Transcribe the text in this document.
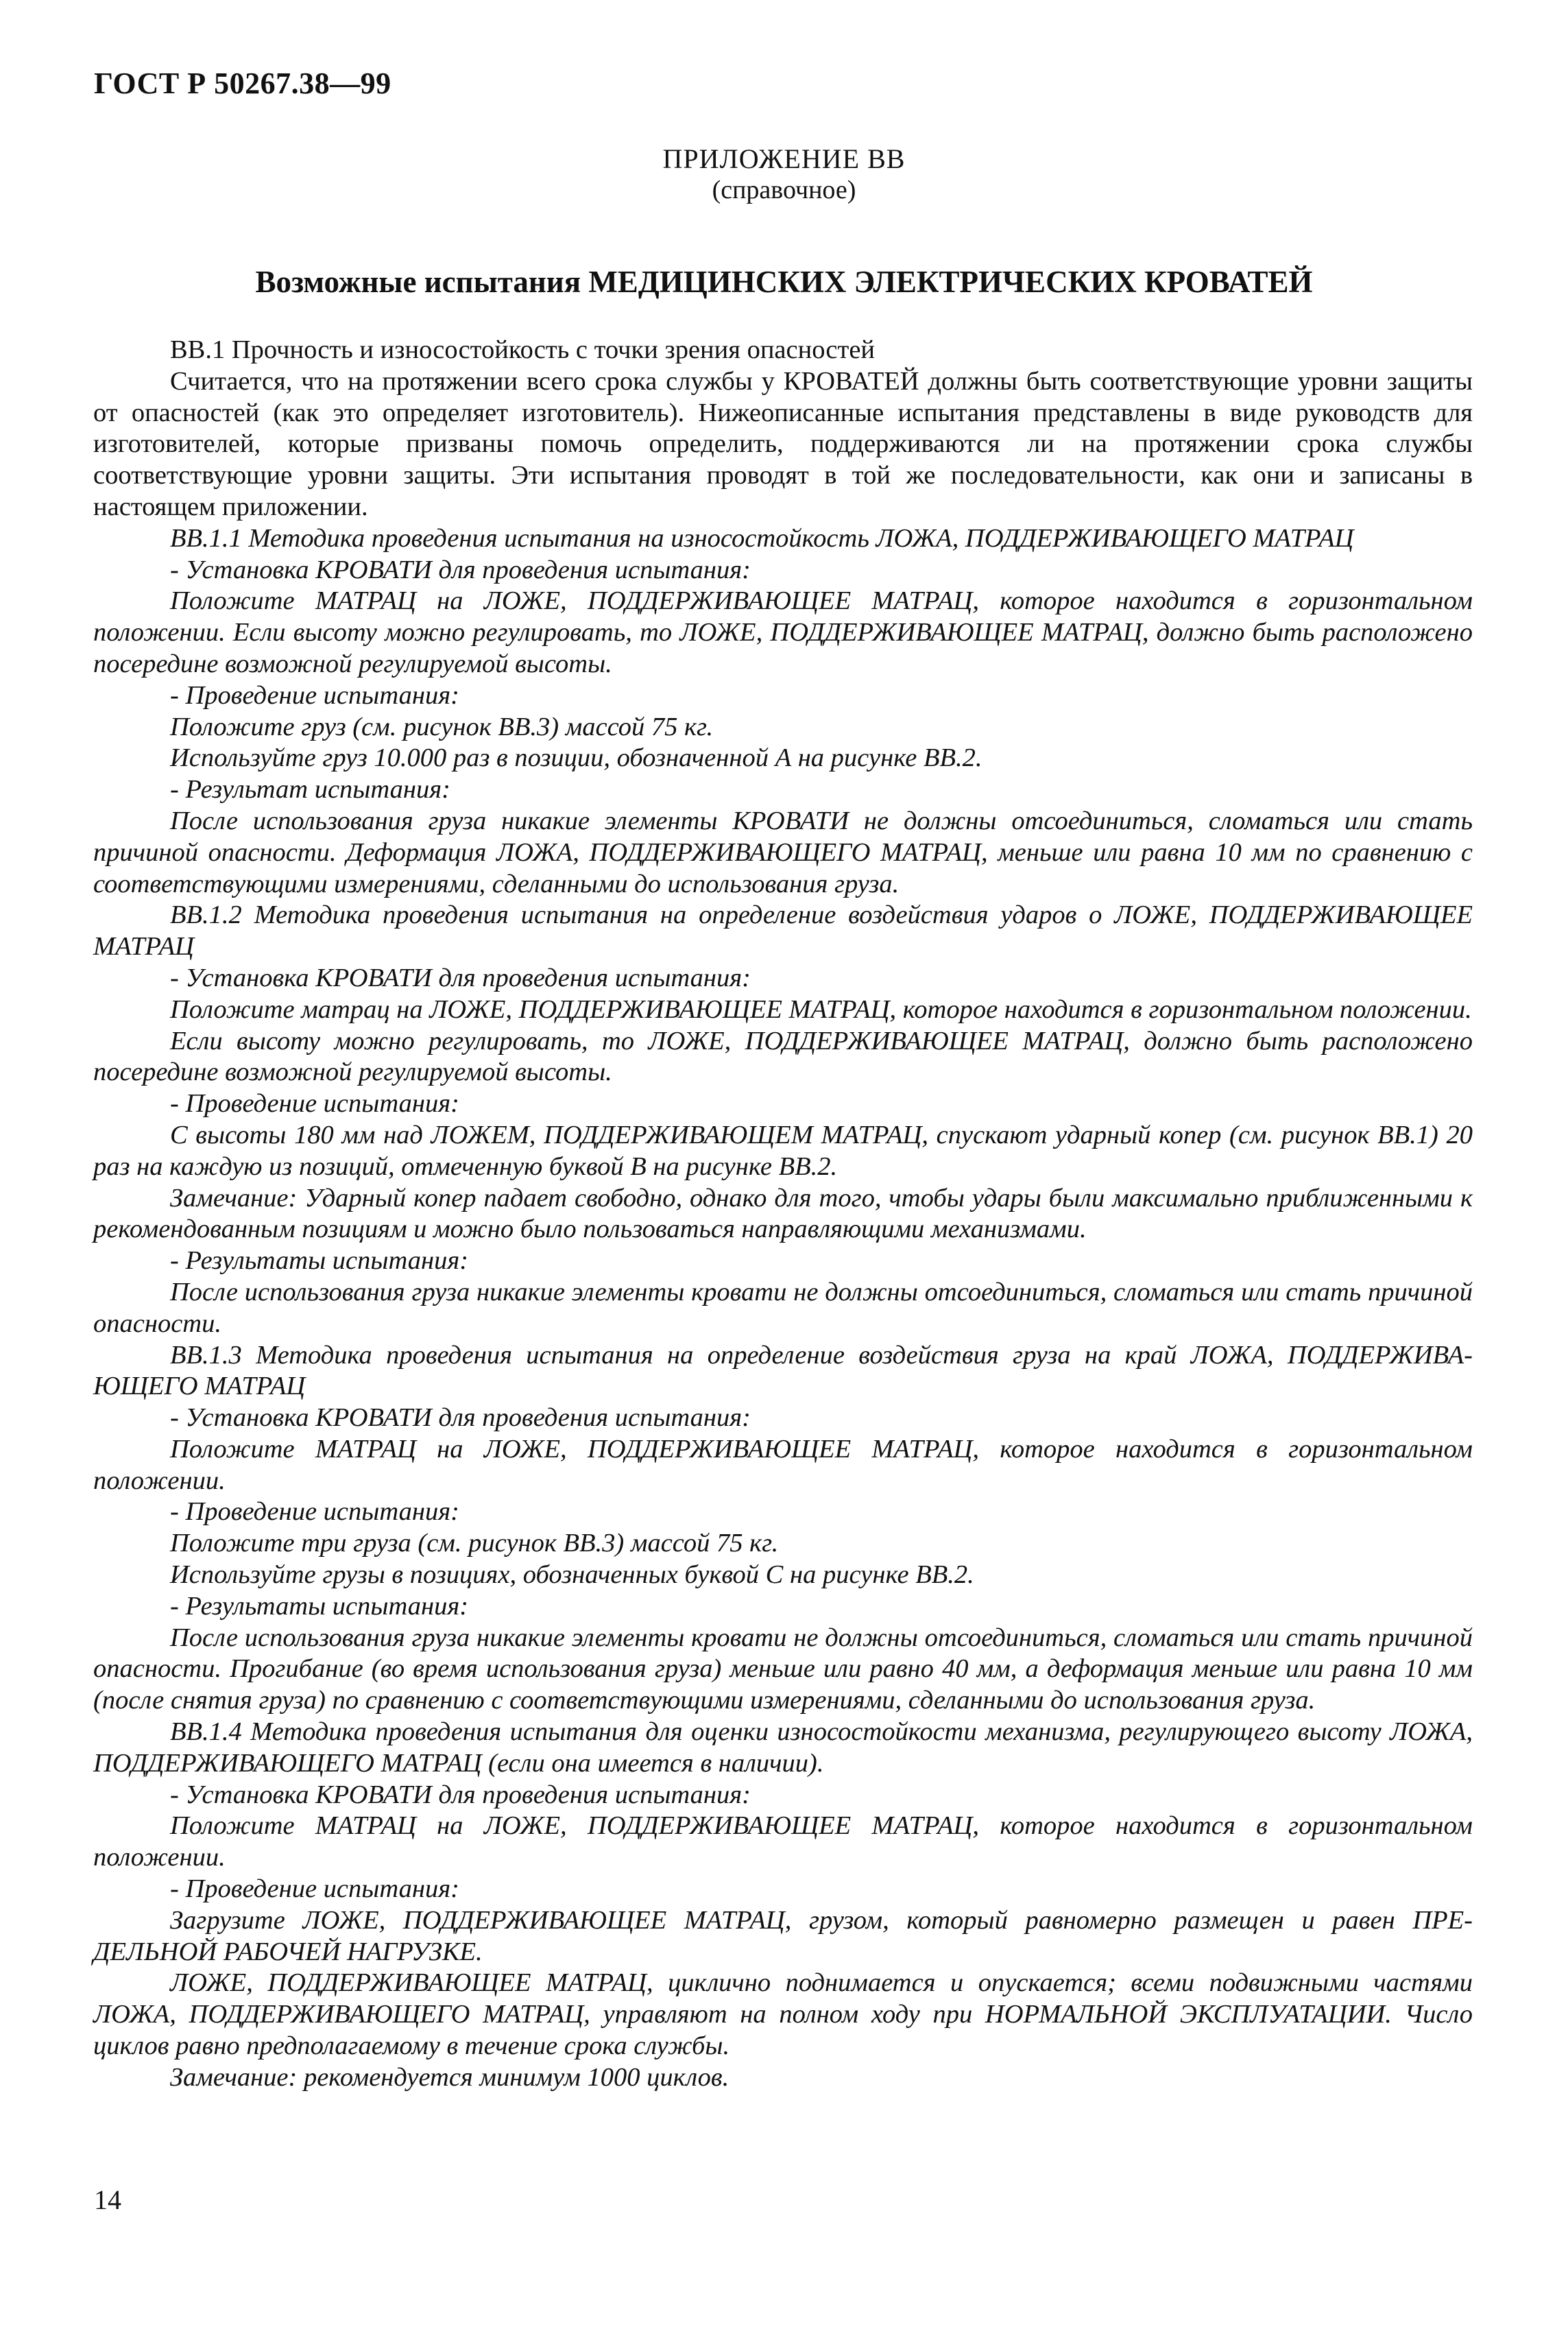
ГОСТ Р 50267.38—99

ПРИЛОЖЕНИЕ ВВ

(справочное)

Возможные испытания МЕДИЦИНСКИХ ЭЛЕКТРИЧЕСКИХ КРОВАТЕЙ

ВВ.1 Прочность и износостойкость с точки зрения опасностей

Считается, что на протяжении всего срока службы у КРОВАТЕЙ должны быть соответствующие уровни защиты от опасностей (как это определяет изготовитель). Нижеописанные испытания представлены в виде руководств для изготовителей, которые призваны помочь определить, поддерживаются ли на протяжении срока службы соответствующие уровни защиты. Эти испытания проводят в той же последовательности, как они и записаны в настоящем приложении.

ВВ.1.1 Методика проведения испытания на износостойкость ЛОЖА, ПОДДЕРЖИВАЮЩЕГО МАТРАЦ

- Установка КРОВАТИ для проведения испытания:

Положите МАТРАЦ на ЛОЖЕ, ПОДДЕРЖИВАЮЩЕЕ МАТРАЦ, которое находится в горизонтальном положении. Если высоту можно регулировать, то ЛОЖЕ, ПОДДЕРЖИВАЮЩЕЕ МАТРАЦ, должно быть расположено посередине возможной регулируемой высоты.

- Проведение испытания:

Положите груз (см. рисунок ВВ.3) массой 75 кг.

Используйте груз 10.000 раз в позиции, обозначенной А на рисунке ВВ.2.

- Результат испытания:

После использования груза никакие элементы КРОВАТИ не должны отсоединиться, сломаться или стать причиной опасности. Деформация ЛОЖА, ПОДДЕРЖИВАЮЩЕГО МАТРАЦ, меньше или равна 10 мм по сравнению с соответствующими измерениями, сделанными до использования груза.

ВВ.1.2 Методика проведения испытания на определение воздействия ударов о ЛОЖЕ, ПОДДЕРЖИВАЮЩЕЕ МАТРАЦ

- Установка КРОВАТИ для проведения испытания:

Положите матрац на ЛОЖЕ, ПОДДЕРЖИВАЮЩЕЕ МАТРАЦ, которое находится в горизонтальном положении.

Если высоту можно регулировать, то ЛОЖЕ, ПОДДЕРЖИВАЮЩЕЕ МАТРАЦ, должно быть расположено посередине возможной регулируемой высоты.

- Проведение испытания:

С высоты 180 мм над ЛОЖЕМ, ПОДДЕРЖИВАЮЩЕМ МАТРАЦ, спускают ударный копер (см. рисунок ВВ.1) 20 раз на каждую из позиций, отмеченную буквой В на рисунке ВВ.2.

Замечание: Ударный копер падает свободно, однако для того, чтобы удары были максимально приближенными к рекомендованным позициям и можно было пользоваться направляющими механизмами.

- Результаты испытания:

После использования груза никакие элементы кровати не должны отсоединиться, сломаться или стать причиной опасности.

ВВ.1.3 Методика проведения испытания на определение воздействия груза на край ЛОЖА, ПОДДЕРЖИВА-ЮЩЕГО МАТРАЦ

- Установка КРОВАТИ для проведения испытания:

Положите МАТРАЦ на ЛОЖЕ, ПОДДЕРЖИВАЮЩЕЕ МАТРАЦ, которое находится в горизонтальном положении.

- Проведение испытания:

Положите три груза (см. рисунок ВВ.3) массой 75 кг.

Используйте грузы в позициях, обозначенных буквой С на рисунке ВВ.2.

- Результаты испытания:

После использования груза никакие элементы кровати не должны отсоединиться, сломаться или стать причиной опасности. Прогибание (во время использования груза) меньше или равно 40 мм, а деформация меньше или равна 10 мм (после снятия груза) по сравнению с соответствующими измерениями, сделанными до использования груза.

ВВ.1.4 Методика проведения испытания для оценки износостойкости механизма, регулирующего высоту ЛОЖА, ПОДДЕРЖИВАЮЩЕГО МАТРАЦ (если она имеется в наличии).

- Установка КРОВАТИ для проведения испытания:

Положите МАТРАЦ на ЛОЖЕ, ПОДДЕРЖИВАЮЩЕЕ МАТРАЦ, которое находится в горизонтальном положении.

- Проведение испытания:

Загрузите ЛОЖЕ, ПОДДЕРЖИВАЮЩЕЕ МАТРАЦ, грузом, который равномерно размещен и равен ПРЕ-ДЕЛЬНОЙ РАБОЧЕЙ НАГРУЗКЕ.

ЛОЖЕ, ПОДДЕРЖИВАЮЩЕЕ МАТРАЦ, циклично поднимается и опускается; всеми подвижными частями ЛОЖА, ПОДДЕРЖИВАЮЩЕГО МАТРАЦ, управляют на полном ходу при НОРМАЛЬНОЙ ЭКСПЛУАТАЦИИ. Число циклов равно предполагаемому в течение срока службы.

Замечание: рекомендуется минимум 1000 циклов.

14
